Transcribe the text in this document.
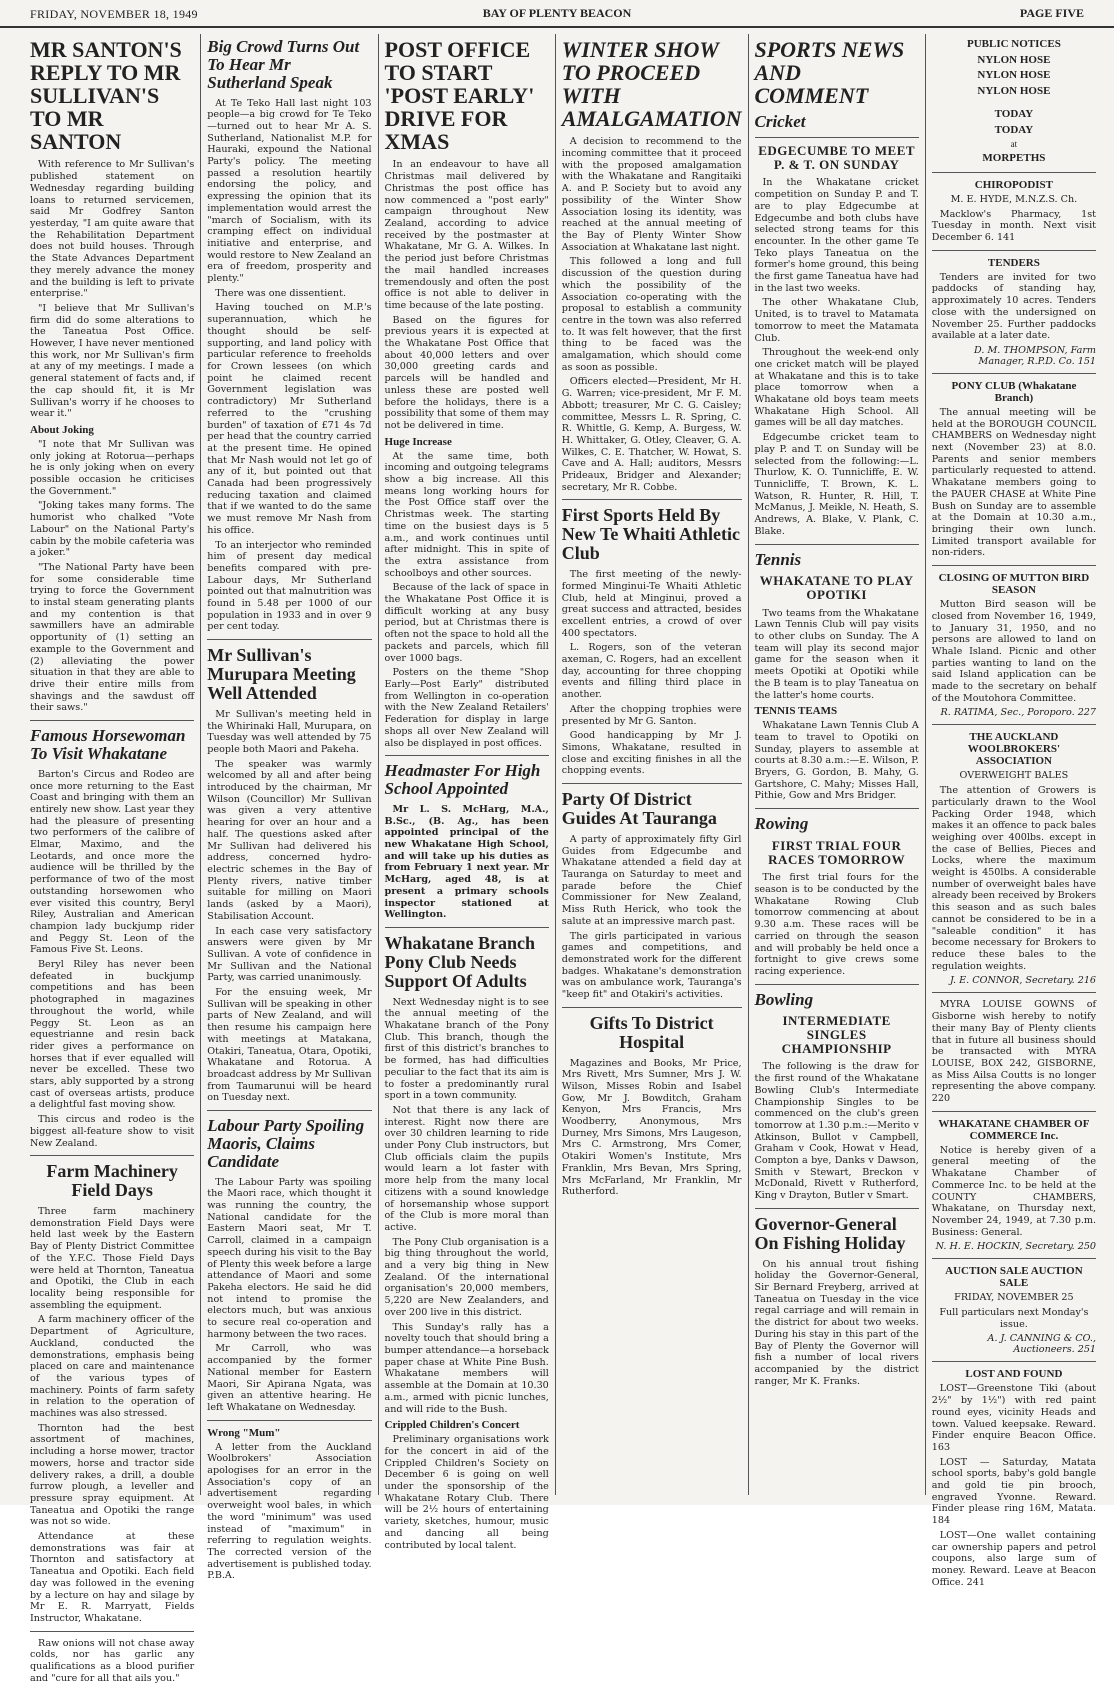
FRIDAY, NOVEMBER 18, 1949	BAY OF PLENTY BEACON	PAGE FIVE
MR SANTON'S REPLY TO MR SULLIVAN'S TO MR SANTON

With reference to Mr Sullivan's published statement on Wednesday regarding building loans to returned servicemen, said Mr Godfrey Santon yesterday, "I am quite aware that the Rehabilitation Department does not build houses. Through the State Advances Department they merely advance the money and the building is left to private enterprise."

"I believe that Mr Sullivan's firm did do some alterations to the Taneatua Post Office. However, I have never mentioned this work, nor Mr Sullivan's firm at any of my meetings. I made a general statement of facts and, if the cap should fit, it is Mr Sullivan's worry if he chooses to wear it."

About Joking

"I note that Mr Sullivan was only joking at Rotorua—perhaps he is only joking when on every possible occasion he criticises the Government."

"Joking takes many forms. The humorist who chalked "Vote Labour" on the National Party's cabin by the mobile cafeteria was a joker."

"The National Party have been for some considerable time trying to force the Government to instal steam generating plants and my contention is that sawmillers have an admirable opportunity of (1) setting an example to the Government and (2) alleviating the power situation in that they are able to drive their entire mills from shavings and the sawdust off their saws."

Famous Horsewoman To Visit Whakatane

Barton's Circus and Rodeo are once more returning to the East Coast and bringing with them an entirely new show. Last year they had the pleasure of presenting two performers of the calibre of Elmar, Maximo, and the Leotards, and once more the audience will be thrilled by the performance of two of the most outstanding horsewomen who ever visited this country, Beryl Riley, Australian and American champion lady buckjump rider and Peggy St. Leon of the Famous Five St. Leons.

Beryl Riley has never been defeated in buckjump competitions and has been photographed in magazines throughout the world, while Peggy St. Leon as an equestrianne and resin back rider gives a performance on horses that if ever equalled will never be excelled. These two stars, ably supported by a strong cast of overseas artists, produce a delightful fast moving show.

This circus and rodeo is the biggest all-feature show to visit New Zealand.

Farm Machinery Field Days

Three farm machinery demonstration Field Days were held last week by the Eastern Bay of Plenty District Committee of the Y.F.C. Those Field Days were held at Thornton, Taneatua and Opotiki, the Club in each locality being responsible for assembling the equipment.

A farm machinery officer of the Department of Agriculture, Auckland, conducted the demonstrations, emphasis being placed on care and maintenance of the various types of machinery. Points of farm safety in relation to the operation of machines was also stressed.

Thornton had the best assortment of machines, including a horse mower, tractor mowers, horse and tractor side delivery rakes, a drill, a double furrow plough, a leveller and pressure spray equipment. At Taneatua and Opotiki the range was not so wide.

Attendance at these demonstrations was fair at Thornton and satisfactory at Taneatua and Opotiki. Each field day was followed in the evening by a lecture on hay and silage by Mr E. R. Marryatt, Fields Instructor, Whakatane.

Raw onions will not chase away colds, nor has garlic any qualifications as a blood purifier and "cure for all that ails you."

Big Crowd Turns Out To Hear Mr Sutherland Speak

At Te Teko Hall last night 103 people—a big crowd for Te Teko—turned out to hear Mr A. S. Sutherland, Nationalist M.P. for Hauraki, expound the National Party's policy. The meeting passed a resolution heartily endorsing the policy, and expressing the opinion that its implementation would arrest the "march of Socialism, with its cramping effect on individual initiative and enterprise, and would restore to New Zealand an era of freedom, prosperity and plenty."

There was one dissentient.

Having touched on M.P.'s superannuation, which he thought should be self-supporting, and land policy with particular reference to freeholds for Crown lessees (on which point he claimed recent Government legislation was contradictory) Mr Sutherland referred to the "crushing burden" of taxation of £71 4s 7d per head that the country carried at the present time. He opined that Mr Nash would not let go of any of it, but pointed out that Canada had been progressively reducing taxation and claimed that if we wanted to do the same we must remove Mr Nash from his office.

To an interjector who reminded him of present day medical benefits compared with pre-Labour days, Mr Sutherland pointed out that malnutrition was found in 5.48 per 1000 of our population in 1933 and in over 9 per cent today.

Mr Sullivan's Murupara Meeting Well Attended

Mr Sullivan's meeting held in the Whirinaki Hall, Murupara, on Tuesday was well attended by 75 people both Maori and Pakeha.

The speaker was warmly welcomed by all and after being introduced by the chairman, Mr Wilson (Councillor) Mr Sullivan was given a very attentive hearing for over an hour and a half. The questions asked after Mr Sullivan had delivered his address, concerned hydro-electric schemes in the Bay of Plenty rivers, native timber suitable for milling on Maori lands (asked by a Maori), Stabilisation Account.

In each case very satisfactory answers were given by Mr Sullivan. A vote of confidence in Mr Sullivan and the National Party, was carried unanimously.

For the ensuing week, Mr Sullivan will be speaking in other parts of New Zealand, and will then resume his campaign here with meetings at Matakana, Otakiri, Taneatua, Otara, Opotiki, Whakatane and Rotorua. A broadcast address by Mr Sullivan from Taumarunui will be heard on Tuesday next.

Labour Party Spoiling Maoris, Claims Candidate

The Labour Party was spoiling the Maori race, which thought it was running the country, the National candidate for the Eastern Maori seat, Mr T. Carroll, claimed in a campaign speech during his visit to the Bay of Plenty this week before a large attendance of Maori and some Pakeha electors. He said he did not intend to promise the electors much, but was anxious to secure real co-operation and harmony between the two races.

Mr Carroll, who was accompanied by the former National member for Eastern Maori, Sir Apirana Ngata, was given an attentive hearing. He left Whakatane on Wednesday.

Wrong "Mum"

A letter from the Auckland Woolbrokers' Association apologises for an error in the Association's copy of an advertisement regarding overweight wool bales, in which the word "minimum" was used instead of "maximum" in referring to regulation weights. The corrected version of the advertisement is published today. P.B.A.

POST OFFICE TO START 'POST EARLY' DRIVE FOR XMAS

In an endeavour to have all Christmas mail delivered by Christmas the post office has now commenced a "post early" campaign throughout New Zealand, according to advice received by the postmaster at Whakatane, Mr G. A. Wilkes. In the period just before Christmas the mail handled increases tremendously and often the post office is not able to deliver in time because of the late posting.

Based on the figures for previous years it is expected at the Whakatane Post Office that about 40,000 letters and over 30,000 greeting cards and parcels will be handled and unless these are posted well before the holidays, there is a possibility that some of them may not be delivered in time.

Huge Increase

At the same time, both incoming and outgoing telegrams show a big increase. All this means long working hours for the Post Office staff over the Christmas week. The starting time on the busiest days is 5 a.m., and work continues until after midnight. This in spite of the extra assistance from schoolboys and other sources.

Because of the lack of space in the Whakatane Post Office it is difficult working at any busy period, but at Christmas there is often not the space to hold all the packets and parcels, which fill over 1000 bags.

Posters on the theme "Shop Early—Post Early" distributed from Wellington in co-operation with the New Zealand Retailers' Federation for display in large shops all over New Zealand will also be displayed in post offices.

Headmaster For High School Appointed

Mr L. S. McHarg, M.A., B.Sc., (B. Ag., has been appointed principal of the new Whakatane High School, and will take up his duties as from February 1 next year. Mr McHarg, aged 48, is at present a primary schools inspector stationed at Wellington.

Whakatane Branch Pony Club Needs Support Of Adults

Next Wednesday night is to see the annual meeting of the Whakatane branch of the Pony Club. This branch, though the first of this district's branches to be formed, has had difficulties peculiar to the fact that its aim is to foster a predominantly rural sport in a town community.

Not that there is any lack of interest. Right now there are over 30 children learning to ride under Pony Club instructors, but Club officials claim the pupils would learn a lot faster with more help from the many local citizens with a sound knowledge of horsemanship whose support of the Club is more moral than active.

The Pony Club organisation is a big thing throughout the world, and a very big thing in New Zealand. Of the international organisation's 20,000 members, 5,220 are New Zealanders, and over 200 live in this district.

This Sunday's rally has a novelty touch that should bring a bumper attendance—a horseback paper chase at White Pine Bush. Whakatane members will assemble at the Domain at 10.30 a.m., armed with picnic lunches, and will ride to the Bush.

Crippled Children's Concert

Preliminary organisations work for the concert in aid of the Crippled Children's Society on December 6 is going on well under the sponsorship of the Whakatane Rotary Club. There will be 2½ hours of entertaining variety, sketches, humour, music and dancing all being contributed by local talent.

WINTER SHOW TO PROCEED WITH AMALGAMATION

A decision to recommend to the incoming committee that it proceed with the proposed amalgamation with the Whakatane and Rangitaiki A. and P. Society but to avoid any possibility of the Winter Show Association losing its identity, was reached at the annual meeting of the Bay of Plenty Winter Show Association at Whakatane last night.

This followed a long and full discussion of the question during which the possibility of the Association co-operating with the proposal to establish a community centre in the town was also referred to. It was felt however, that the first thing to be faced was the amalgamation, which should come as soon as possible.

Officers elected—President, Mr H. G. Warren; vice-president, Mr F. M. Abbott; treasurer, Mr C. G. Caisley; committee, Messrs L. R. Spring, C. R. Whittle, G. Kemp, A. Burgess, W. H. Whittaker, G. Otley, Cleaver, G. A. Wilkes, C. E. Thatcher, W. Howat, S. Cave and A. Hall; auditors, Messrs Prideaux, Bridger and Alexander; secretary, Mr R. Cobbe.

First Sports Held By New Te Whaiti Athletic Club

The first meeting of the newly-formed Minginui-Te Whaiti Athletic Club, held at Minginui, proved a great success and attracted, besides excellent entries, a crowd of over 400 spectators.

L. Rogers, son of the veteran axeman, C. Rogers, had an excellent day, accounting for three chopping events and filling third place in another.

After the chopping trophies were presented by Mr G. Santon.

Good handicapping by Mr J. Simons, Whakatane, resulted in close and exciting finishes in all the chopping events.

Party Of District Guides At Tauranga

A party of approximately fifty Girl Guides from Edgecumbe and Whakatane attended a field day at Tauranga on Saturday to meet and parade before the Chief Commissioner for New Zealand, Miss Ruth Herick, who took the salute at an impressive march past.

The girls participated in various games and competitions, and demonstrated work for the different badges. Whakatane's demonstration was on ambulance work, Tauranga's "keep fit" and Otakiri's activities.

Gifts To District Hospital

Magazines and Books, Mr Price, Mrs Rivett, Mrs Sumner, Mrs J. W. Wilson, Misses Robin and Isabel Gow, Mr J. Bowditch, Graham Kenyon, Mrs Francis, Mrs Woodberry, Anonymous, Mrs Durney, Mrs Simons, Mrs Laugeson, Mrs C. Armstrong, Mrs Comer, Otakiri Women's Institute, Mrs Franklin, Mrs Bevan, Mrs Spring, Mrs McFarland, Mr Franklin, Mr Rutherford.

SPORTS NEWS AND COMMENT
Cricket
EDGECUMBE TO MEET P. & T. ON SUNDAY

In the Whakatane cricket competition on Sunday P. and T. are to play Edgecumbe at Edgecumbe and both clubs have selected strong teams for this encounter. In the other game Te Teko plays Taneatua on the former's home ground, this being the first game Taneatua have had in the last two weeks.

The other Whakatane Club, United, is to travel to Matamata tomorrow to meet the Matamata Club.

Throughout the week-end only one cricket match will be played at Whakatane and this is to take place tomorrow when a Whakatane old boys team meets Whakatane High School. All games will be all day matches.

Edgecumbe cricket team to play P. and T. on Sunday will be selected from the following:—L. Thurlow, K. O. Tunnicliffe, E. W. Tunnicliffe, T. Brown, K. L. Watson, R. Hunter, R. Hill, T. McManus, J. Meikle, N. Heath, S. Andrews, A. Blake, V. Plank, C. Blake.

Tennis
WHAKATANE TO PLAY OPOTIKI

Two teams from the Whakatane Lawn Tennis Club will pay visits to other clubs on Sunday. The A team will play its second major game for the season when it meets Opotiki at Opotiki while the B team is to play Taneatua on the latter's home courts.

TENNIS TEAMS

Whakatane Lawn Tennis Club A team to travel to Opotiki on Sunday, players to assemble at courts at 8.30 a.m.:—E. Wilson, P. Bryers, G. Gordon, B. Mahy, G. Gartshore, C. Mahy; Misses Hall, Pithie, Gow and Mrs Bridger.

Rowing
FIRST TRIAL FOUR RACES TOMORROW

The first trial fours for the season is to be conducted by the Whakatane Rowing Club tomorrow commencing at about 9.30 a.m. These races will be carried on through the season and will probably be held once a fortnight to give crews some racing experience.

Bowling
INTERMEDIATE SINGLES CHAMPIONSHIP

The following is the draw for the first round of the Whakatane Bowling Club's Intermediate Championship Singles to be commenced on the club's green tomorrow at 1.30 p.m.:—Merito v Atkinson, Bullot v Campbell, Graham v Cook, Howat v Head, Compton a bye, Danks v Dawson, Smith v Stewart, Breckon v McDonald, Rivett v Rutherford, King v Drayton, Butler v Smart.

Governor-General On Fishing Holiday

On his annual trout fishing holiday the Governor-General, Sir Bernard Freyberg, arrived at Taneatua on Tuesday in the vice regal carriage and will remain in the district for about two weeks. During his stay in this part of the Bay of Plenty the Governor will fish a number of local rivers accompanied by the district ranger, Mr K. Franks.

PUBLIC NOTICES
NYLON HOSE
NYLON HOSE
NYLON HOSE
TODAY
TODAY
at
MORPETHS
CHIROPODIST

M. E. HYDE, M.N.Z.S. Ch.

Macklow's Pharmacy, 1st Tuesday in month. Next visit December 6. 141

TENDERS

Tenders are invited for two paddocks of standing hay, approximately 10 acres. Tenders close with the undersigned on November 25. Further paddocks available at a later date.

D. M. THOMPSON, Farm Manager, R.P.D. Co. 151
PONY CLUB (Whakatane Branch)

The annual meeting will be held at the BOROUGH COUNCIL CHAMBERS on Wednesday night next (November 23) at 8.0. Parents and senior members particularly requested to attend. Whakatane members going to the PAUER CHASE at White Pine Bush on Sunday are to assemble at the Domain at 10.30 a.m., bringing their own lunch. Limited transport available for non-riders.

CLOSING OF MUTTON BIRD SEASON

Mutton Bird season will be closed from November 16, 1949, to January 31, 1950, and no persons are allowed to land on Whale Island. Picnic and other parties wanting to land on the said Island application can be made to the secretary on behalf of the Moutohora Committee.

R. RATIMA, Sec., Poroporo. 227
THE AUCKLAND WOOLBROKERS' ASSOCIATION

OVERWEIGHT BALES

The attention of Growers is particularly drawn to the Wool Packing Order 1948, which makes it an offence to pack bales weighing over 400lbs. except in the case of Bellies, Pieces and Locks, where the maximum weight is 450lbs. A considerable number of overweight bales have already been received by Brokers this season and as such bales cannot be considered to be in a "saleable condition" it has become necessary for Brokers to reduce these bales to the regulation weights.

J. E. CONNOR, Secretary. 216

MYRA LOUISE GOWNS of Gisborne wish hereby to notify their many Bay of Plenty clients that in future all business should be transacted with MYRA LOUISE, BOX 242, GISBORNE, as Miss Ailsa Coutts is no longer representing the above company. 220

WHAKATANE CHAMBER OF COMMERCE Inc.

Notice is hereby given of a general meeting of the Whakatane Chamber of Commerce Inc. to be held at the COUNTY CHAMBERS, Whakatane, on Thursday next, November 24, 1949, at 7.30 p.m. Business: General.

N. H. E. HOCKIN, Secretary. 250
AUCTION SALE AUCTION SALE

FRIDAY, NOVEMBER 25

Full particulars next Monday's issue.

A. J. CANNING & CO., Auctioneers. 251
LOST AND FOUND

LOST—Greenstone Tiki (about 2½" by 1½") with red paint round eyes, vicinity Heads and town. Valued keepsake. Reward. Finder enquire Beacon Office. 163

LOST — Saturday, Matata school sports, baby's gold bangle and gold tie pin brooch, engraved Yvonne. Reward. Finder please ring 16M, Matata. 184

LOST—One wallet containing car ownership papers and petrol coupons, also large sum of money. Reward. Leave at Beacon Office. 241
